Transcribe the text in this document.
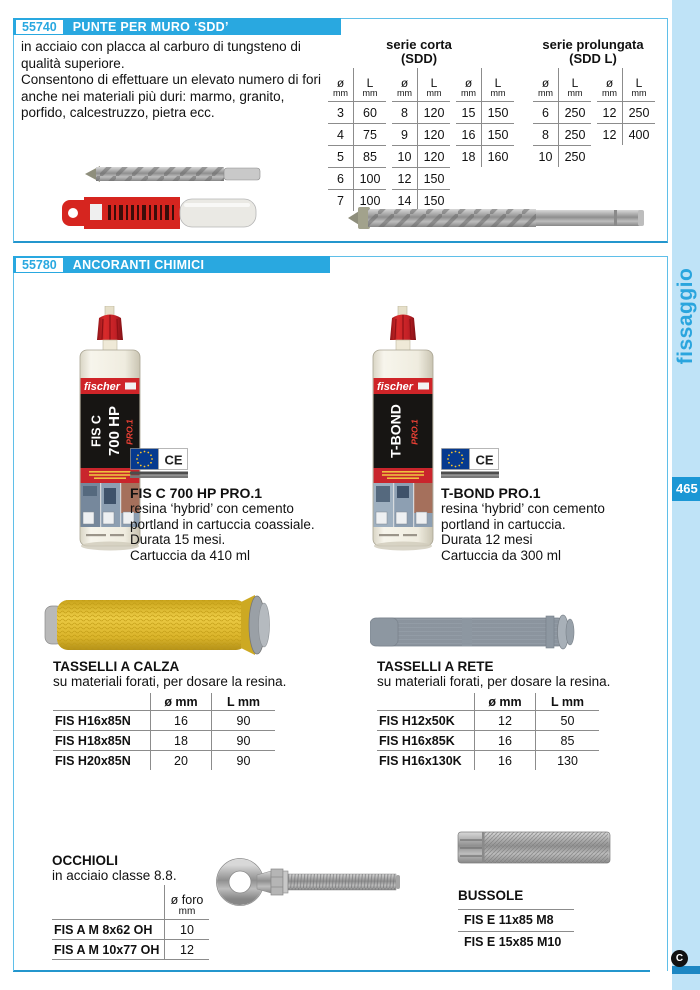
fissaggio
465
C
55740	PUNTE PER MURO ‘SDD’
in acciaio con placca al carburo di tungsteno di
qualità superiore.
Consentono di effettuare un elevato numero di fori
anche nei materiali più duri: marmo, granito,
porfido, calcestruzzo, pietra ecc.
serie corta
(SDD)
ø
mm

L
mm

3	60
4	75
5	85
6	100
7	100
ø
mm

L
mm

8	120
9	120
10	120
12	150
14	150
ø
mm

L
mm

15	150
16	150
18	160
serie prolungata
(SDD L)
ø
mm

L
mm

6	250
8	250
10	250
ø
mm

L
mm

12	250
12	400
55780	ANCORANTI CHIMICI
fischer
FIS C 700 HP PRO.1
fischer
T-BOND PRO.1
CE	CE
FIS C 700 HP PRO.1
resina ‘hybrid’ con cemento
portland in cartuccia coassiale.
Durata 15 mesi.
Cartuccia da 410 ml
T-BOND PRO.1
resina ‘hybrid’ con cemento
portland in cartuccia.
Durata 12 mesi
Cartuccia da 300 ml
TASSELLI A CALZA
su materiali forati, per dosare la resina.
	ø mm	L mm
FIS H16x85N	16	90
FIS H18x85N	18	90
FIS H20x85N	20	90
TASSELLI A RETE
su materiali forati, per dosare la resina.
	ø mm	L mm
FIS H12x50K	12	50
FIS H16x85K	16	85
FIS H16x130K	16	130
OCCHIOLI
in acciaio classe 8.8.

ø foro
mm

FIS A M 8x62 OH	10
FIS A M 10x77 OH	12
BUSSOLE
FIS E 11x85 M8
FIS E 15x85 M10
